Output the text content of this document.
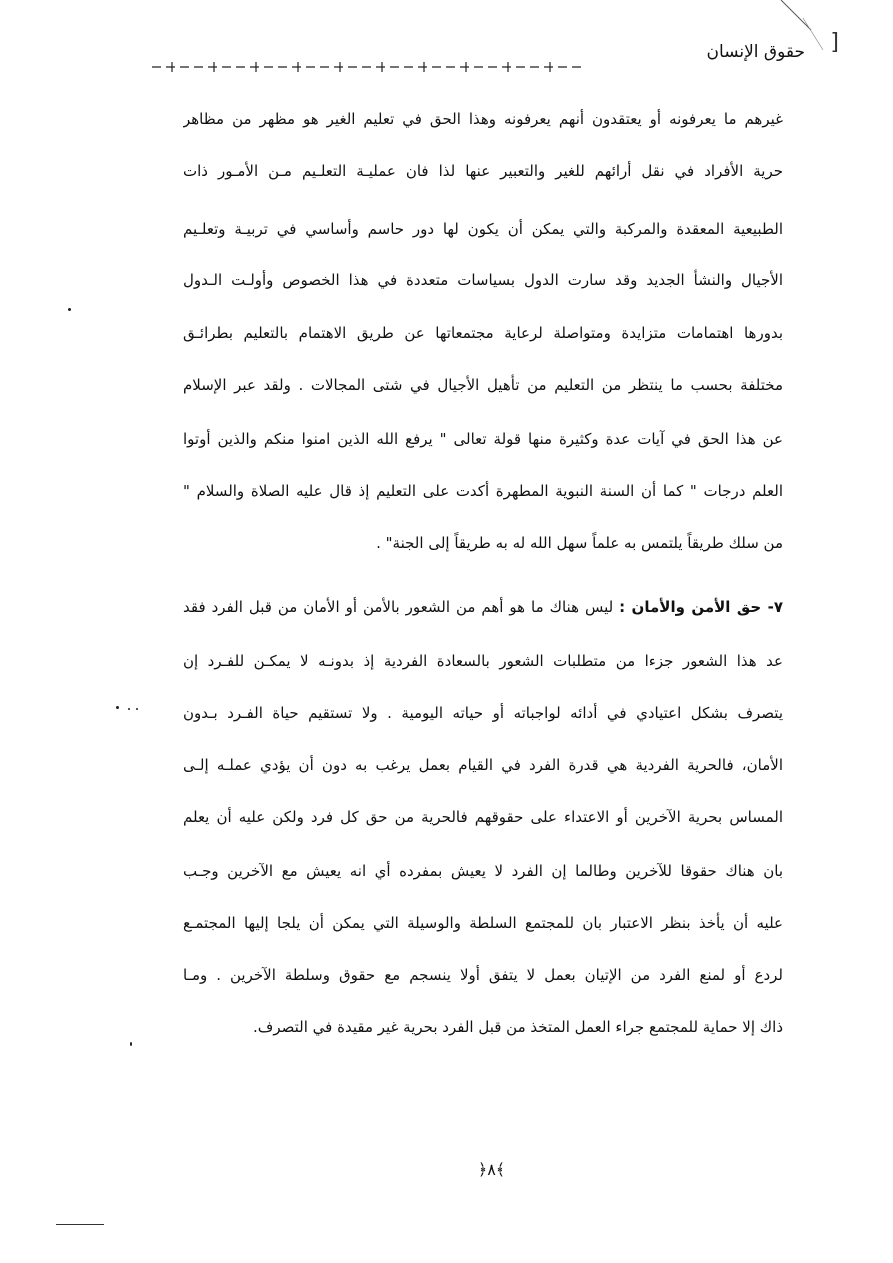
]
حقوق الإنسان
غيرهم ما يعرفونه أو يعتقدون أنهم يعرفونه وهذا الحق في تعليم الغير هو مظهر من مظاهر
حرية الأفراد في نقل أرائهم للغير والتعبير عنها لذا فان عمليـة التعلـيم مـن الأمـور ذات
الطبيعية المعقدة والمركبة والتي يمكن أن يكون لها دور حاسم وأساسي في تربيـة وتعلـيم
الأجيال والنشأ الجديد وقد سارت الدول بسياسات متعددة في هذا الخصوص وأولـت الـدول
بدورها اهتمامات متزايدة ومتواصلة لرعاية مجتمعاتها عن طريق الاهتمام بالتعليم بطرائـق
مختلفة بحسب ما ينتظر من التعليم من تأهيل الأجيال في شتى المجالات . ولقد عبر الإسلام
عن هذا الحق في آيات عدة وكثيرة منها قولة تعالى " يرفع الله الذين امنوا منكم والذين أوتوا
العلم درجات " كما أن السنة النبوية المطهرة أكدت على التعليم إذ قال عليه الصلاة والسلام "
من سلك طريقاً يلتمس به علماً سهل الله له به طريقاً إلى الجنة" .
٧- حق الأمن والأمان : ليس هناك ما هو أهم من الشعور بالأمن أو الأمان من قبل الفرد فقد
عد هذا الشعور جزءا من متطلبات الشعور بالسعادة الفردية إذ بدونـه لا يمكـن للفـرد إن
يتصرف بشكل اعتيادي في أدائه لواجباته أو حياته اليومية . ولا تستقيم حياة الفـرد بـدون
الأمان، فالحرية الفردية هي قدرة الفرد في القيام بعمل يرغب به دون أن يؤدي عملـه إلـى
المساس بحرية الآخرين أو الاعتداء على حقوقهم فالحرية من حق كل فرد ولكن عليه أن يعلم
بان هناك حقوقا للآخرين وطالما إن الفرد لا يعيش بمفرده أي انه يعيش مع الآخرين وجـب
عليه أن يأخذ بنظر الاعتبار بان للمجتمع السلطة والوسيلة التي يمكن أن يلجا إليها المجتمـع
لردع أو لمنع الفرد من الإتيان بعمل لا يتفق أولا ينسجم مع حقوق وسلطة الآخرين . ومـا
ذاك إلا حماية للمجتمع جراء العمل المتخذ من قبل الفرد بحرية غير مقيدة في التصرف.
﴿٨﴾
